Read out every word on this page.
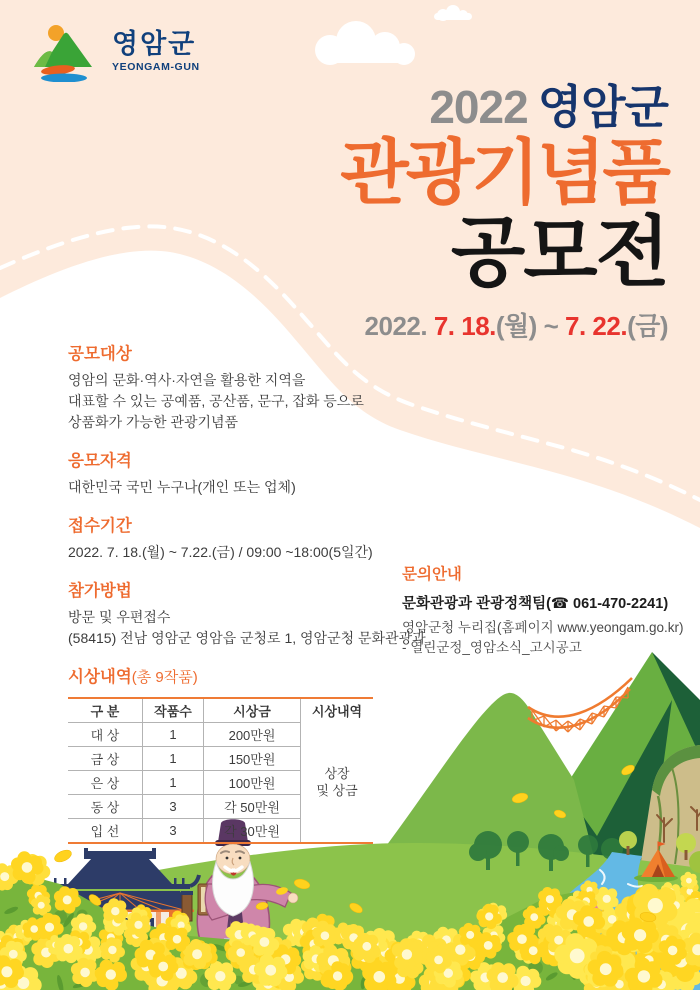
영암군
YEONGAM-GUN
2022 영암군
관광기념품
공모전
2022. 7. 18.(월) ~ 7. 22.(금)
공모대상

영암의 문화·역사·자연을 활용한 지역을

대표할 수 있는 공예품, 공산품, 문구, 잡화 등으로

상품화가 가능한 관광기념품

응모자격

대한민국 국민 누구나(개인 또는 업체)

접수기간

2022. 7. 18.(월) ~ 7.22.(금) / 09:00 ~18:00(5일간)

참가방법

방문 및 우편접수

(58415) 전남 영암군 영암읍 군청로 1, 영암군청 문화관광과

시상내역(총 9작품)
구 분	작품수	시상금	시상내역
대 상	1	200만원	상장
및 상금

금 상	1	150만원	
은 상	1	100만원	
동 상	3	각 50만원	
입 선	3	각 30만원	
문의안내
문화관광과 관광정책팀(☎ 061-470-2241)
영암군청 누리집(홈페이지 www.yeongam.go.kr)
- 열린군정_영암소식_고시공고
